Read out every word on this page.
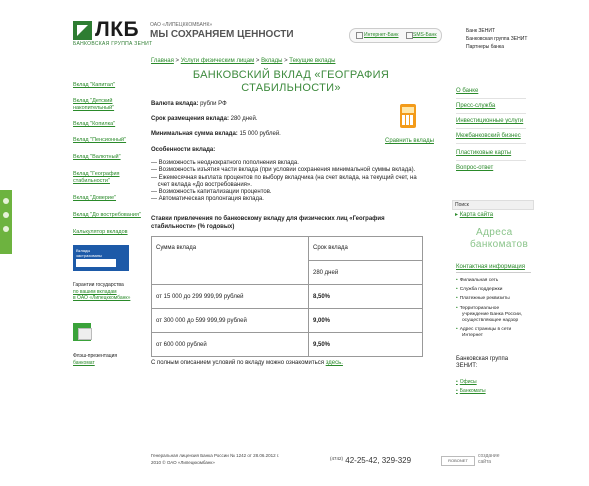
ЛКБ
БАНКОВСКАЯ ГРУППА ЗЕНИТ
ОАО «ЛИПЕЦККОМБАНК»
МЫ СОХРАНЯЕМ ЦЕННОСТИ	Интернет-Банк	SMS-Банк
Банк ЗЕНИТ
Банковская группа ЗЕНИТ
Партнеры банка
Главная > Услуги физическим лицам > Вклады > Текущие вклады
БАНКОВСКИЙ ВКЛАД «ГЕОГРАФИЯ
СТАБИЛЬНОСТИ»
Вклад "Капитал"
Вклад "Детский
накопительный"
Вклад "Копилка"
Вклад "Пенсионный"
Вклад "Валютный"
Вклад "География
стабильности"
Вклад "Доверие"
Вклад "До востребования"
Калькулятор вкладов
Вклады
застрахованы
Гарантии государства
по вашим вкладам
в ОАО «Липецккомбанк»
Флэш-презентация
банкомат
Валюта вклада: рубли РФ
Срок размещения вклада: 280 дней.
Минимальная сумма вклада: 15 000 рублей.
Сравнить вклады
Особенности вклада:
— Возможность неоднократного пополнения вклада.
— Возможность изъятия части вклада (при условии сохранения минимальной суммы вклада).
— Ежемесячная выплата процентов по выбору вкладчика (на счет вклада, на текущий счет, на
счет вклада «До востребования».
— Возможность капитализации процентов.
— Автоматическая пролонгация вклада.
Ставки привлечения по банковскому вкладу для физических лиц «География
стабильности» (% годовых)
Сумма вклада	Срок вклада
	280 дней
от 15 000 до 299 999,99 рублей	8,50%
от 300 000 до 599 999,99 рублей	9,00%
от 600 000 рублей	9,50%
С полным описанием условий по вкладу можно ознакомиться здесь.
О банке
Пресс-служба
Инвестиционные услуги
Межбанковский бизнес
Пластиковые карты
Вопрос-ответ
Поиск
▸ Карта сайта
Адреса
банкоматов
Контактная информация
• Филиальная сеть
• Служба поддержки
• Платежные реквизиты
• Территориальное
учреждение Банка России,
осуществляющее надзор
• Адрес страницы в сети
Интернет
Банковская группа
ЗЕНИТ:
• Офисы
• Банкоматы
Генеральная лицензия Банка России № 1242 от 28.06.2012 г.
2010 © ОАО «Липецккомбанк»
$^{(4742)}$ 42-25-42, 329-329	ROBONET
создание
сайта
